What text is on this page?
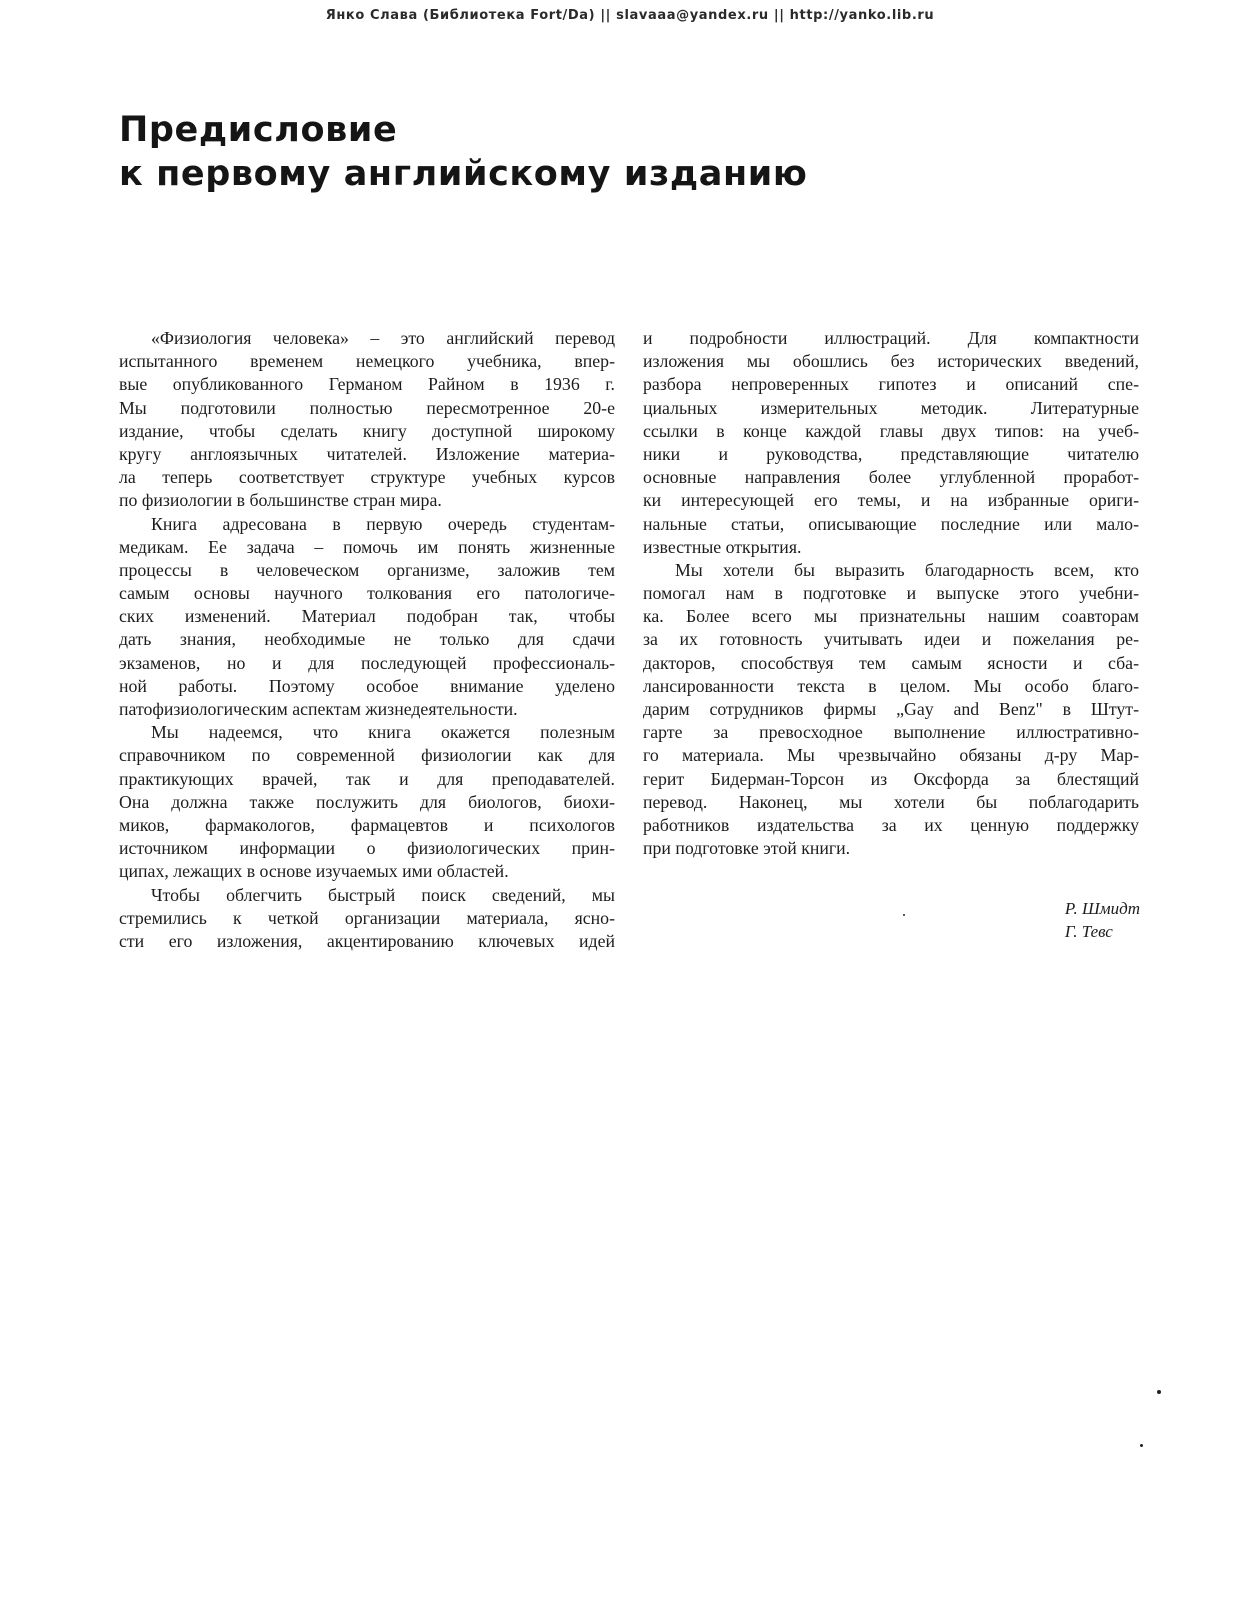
Янко Слава (Библиотека Fort/Da) || slavaaa@yandex.ru || http://yanko.lib.ru
Предисловие
к первому английскому изданию
«Физиология человека» – это английский перевод
испытанного временем немецкого учебника, впер-
вые опубликованного Германом Райном в 1936 г.
Мы подготовили полностью пересмотренное 20-е
издание, чтобы сделать книгу доступной широкому
кругу англоязычных читателей. Изложение материа-
ла теперь соответствует структуре учебных курсов
по физиологии в большинстве стран мира.
Книга адресована в первую очередь студентам-
медикам. Ее задача – помочь им понять жизненные
процессы в человеческом организме, заложив тем
самым основы научного толкования его патологиче-
ских изменений. Материал подобран так, чтобы
дать знания, необходимые не только для сдачи
экзаменов, но и для последующей профессиональ-
ной работы. Поэтому особое внимание уделено
патофизиологическим аспектам жизнедеятельности.
Мы надеемся, что книга окажется полезным
справочником по современной физиологии как для
практикующих врачей, так и для преподавателей.
Она должна также послужить для биологов, биохи-
миков, фармакологов, фармацевтов и психологов
источником информации о физиологических прин-
ципах, лежащих в основе изучаемых ими областей.
Чтобы облегчить быстрый поиск сведений, мы
стремились к четкой организации материала, ясно-
сти его изложения, акцентированию ключевых идей
и подробности иллюстраций. Для компактности
изложения мы обошлись без исторических введений,
разбора непроверенных гипотез и описаний спе-
циальных измерительных методик. Литературные
ссылки в конце каждой главы двух типов: на учеб-
ники и руководства, представляющие читателю
основные направления более углубленной проработ-
ки интересующей его темы, и на избранные ориги-
нальные статьи, описывающие последние или мало-
известные открытия.
Мы хотели бы выразить благодарность всем, кто
помогал нам в подготовке и выпуске этого учебни-
ка. Более всего мы признательны нашим соавторам
за их готовность учитывать идеи и пожелания ре-
дакторов, способствуя тем самым ясности и сба-
лансированности текста в целом. Мы особо благо-
дарим сотрудников фирмы „Gay and Benz" в Штут-
гарте за превосходное выполнение иллюстративно-
го материала. Мы чрезвычайно обязаны д-ру Мар-
герит Бидерман-Торсон из Оксфорда за блестящий
перевод. Наконец, мы хотели бы поблагодарить
работников издательства за их ценную поддержку
при подготовке этой книги.
Р. Шмидт
Г. Тевс
